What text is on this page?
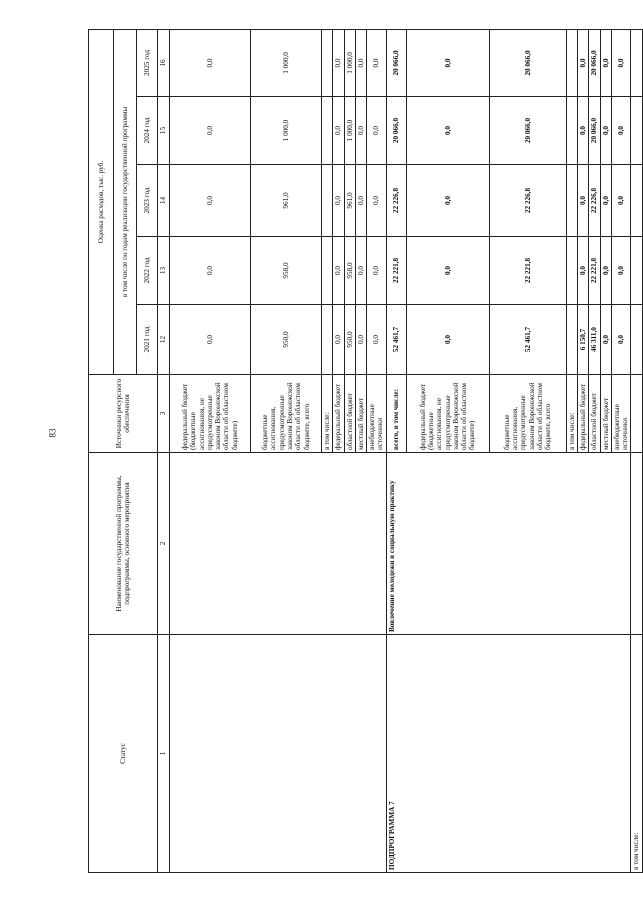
83
Статус	Наименование государственной программы, подпрограммы, основного мероприятия	Источники ресурсного обеспечения	Оценка расходов, тыс. руб.				
			в том числе по годам реализации государственной программы				
			2021 год	2022 год	2023 год	2024 год	2025 год
1	2	3	12	13	14	15	16
		федеральный бюджет (бюджетные ассигнования, не предусмотренные законом Воронежской области об областном бюджете)	0,0	0,0	0,0	0,0	0,0
		бюджетные ассигнования, предусмотренные законом Воронежской области об областном бюджете, всего	950,0	958,0	961,0	1 000,0	1 000,0
		в том числе:					
		федеральный бюджет	0,0	0,0	0,0	0,0	0,0
		областной бюджет	950,0	958,0	961,0	1 000,0	1 000,0
		местный бюджет	0,0	0,0	0,0	0,0	0,0
		внебюджетные источники	0,0	0,0	0,0	0,0	0,0
ПОДПРОГРАММА 7	Вовлечение молодежи в социальную практику	всего, в том числе:	52 461,7	22 221,8	22 226,8	20 066,0	20 066,0
		федеральный бюджет (бюджетные ассигнования, не предусмотренные законом Воронежской области об областном бюджете)	0,0	0,0	0,0	0,0	0,0
		бюджетные ассигнования, предусмотренные законом Воронежской области об областном бюджете, всего	52 461,7	22 221,8	22 226,8	20 066,0	20 066,0
		в том числе:					
		федеральный бюджет	6 150,7	0,0	0,0	0,0	0,0
		областной бюджет	46 311,0	22 221,8	22 226,8	20 066,0	20 066,0
		местный бюджет	0,0	0,0	0,0	0,0	0,0
		внебюджетные источники	0,0	0,0	0,0	0,0	0,0
в том числе:							
